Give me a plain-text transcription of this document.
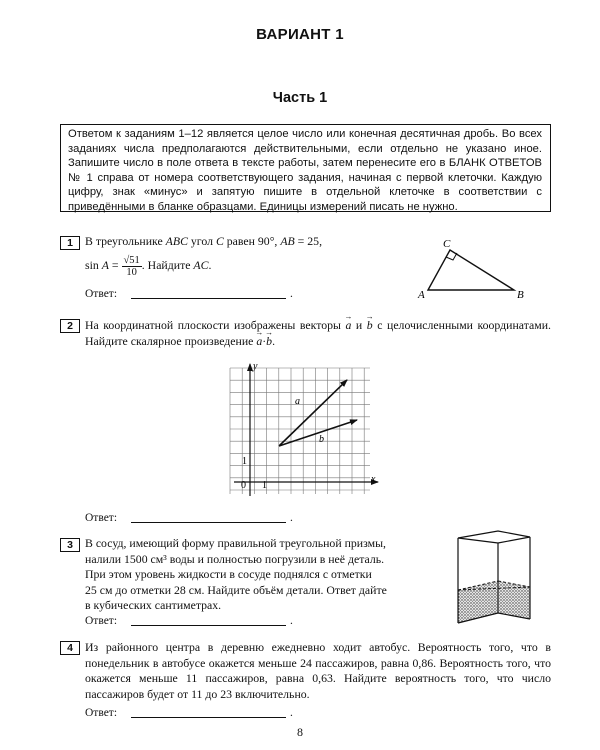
ВАРИАНТ 1
Часть 1
Ответом к заданиям 1–12 является целое число или конечная десятичная дробь. Во всех заданиях числа предполагаются действительными, если отдельно не указано иное. Запишите число в поле ответа в тексте работы, затем перенесите его в БЛАНК ОТВЕТОВ № 1 справа от номера соответствующего задания, начиная с первой клеточки. Каждую цифру, знак «минус» и запятую пишите в отдельной клеточке в соответствии с приведёнными в бланке образцами. Единицы измерений писать не нужно.
1	В треугольнике ABC угол C равен 90°, AB = 25,
$\sin A = \frac{√51}{10}$ . Найдите AC.
Ответ:	.	A
C
B
2	На координатной плоскости изображены векторы → a и → b с целочисленными координатами. Найдите скалярное произведение → a·→ b.
y
x
0 1
1
a
b
Ответ:	.
3	В сосуд, имеющий форму правильной треугольной призмы,
налили 1500 см³ воды и полностью погрузили в неё деталь.
При этом уровень жидкости в сосуде поднялся с отметки
25 см до отметки 28 см. Найдите объём детали. Ответ дайте
в кубических сантиметрах.
Ответ:	.
4	Из районного центра в деревню ежедневно ходит автобус. Вероятность того, что в понедельник в автобусе окажется меньше 24 пассажиров, равна 0,86. Вероятность того, что окажется меньше 11 пассажиров, равна 0,63. Найдите вероятность того, что число пассажиров будет от 11 до 23 включительно.
Ответ:	.
8
